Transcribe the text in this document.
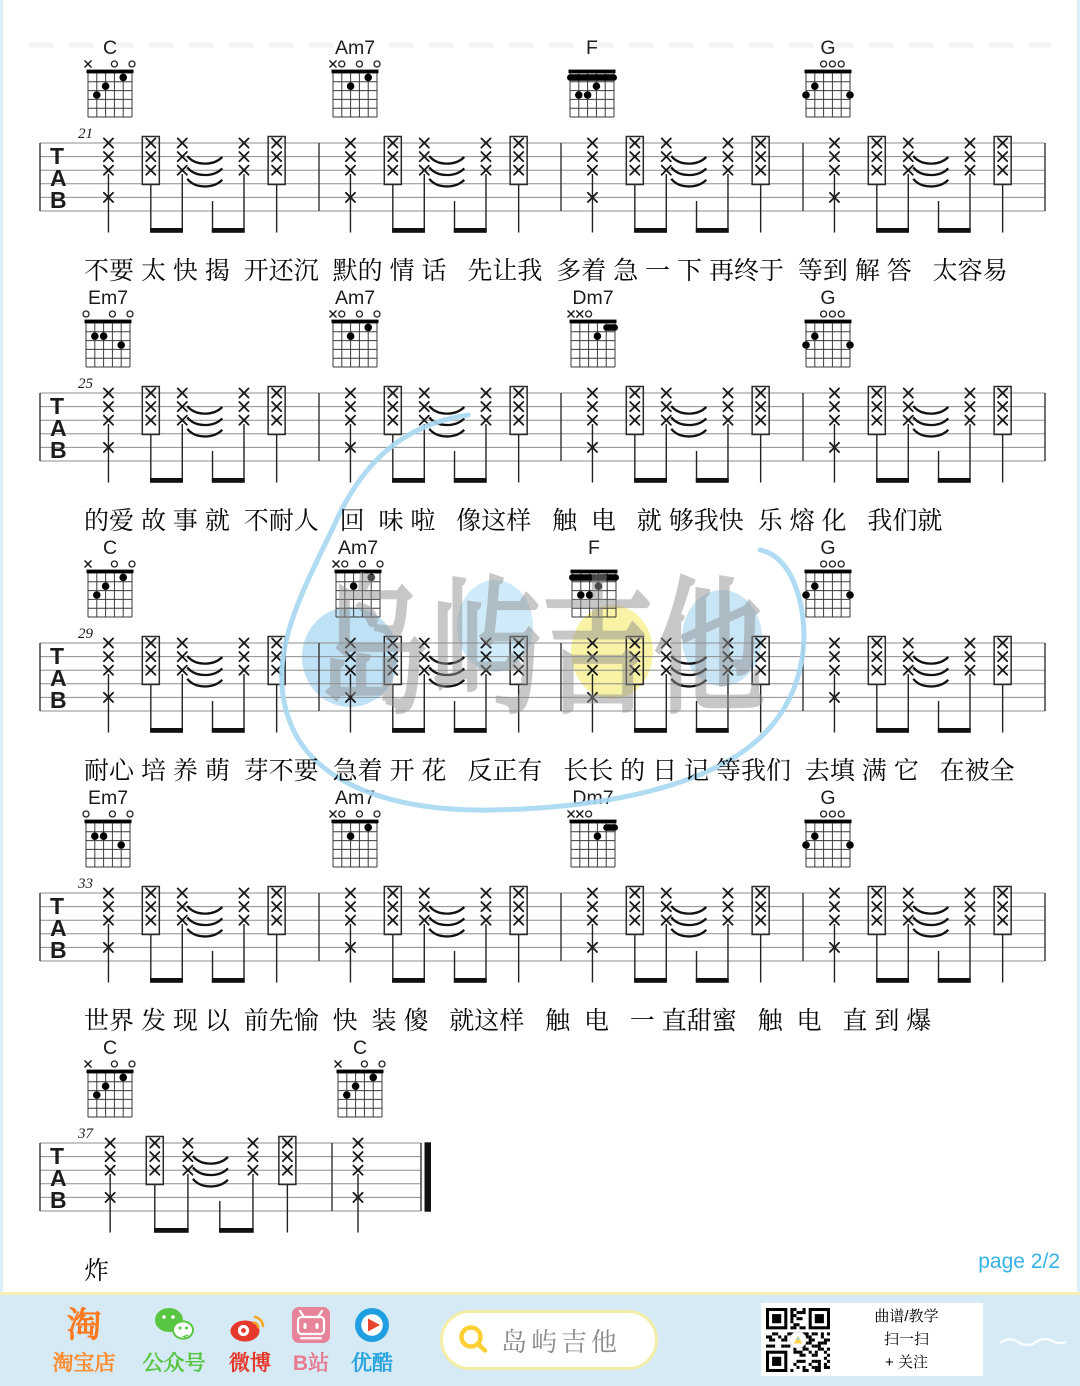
T
A
B
21
C	Am7	F	G
T
A
B
25
Em7	Am7	Dm7	G
T
A
B
29
C	Am7	F	G
T
A
B
33
Em7	Am7	Dm7	G
T
A
B
37
C	C
岛屿吉他
不要 太 快 揭  开还沉  默的 情 话   先让我  多着 急 一 下 再终于  等到 解 答   太容易
的爱 故 事 就  不耐人   回  味 啦   像这样   触  电   就 够我快  乐 熔 化   我们就
耐心 培 养 萌  芽不要  急着 开 花   反正有   长长 的 日 记 等我们  去填 满 它   在被全
世界 发 现 以  前先愉  快  装 傻   就这样   触  电   一 直甜蜜   触  电   直 到 爆
炸	page 2/2
淘
淘宝店	公众号	微博	B站	优酷
岛屿吉他
曲谱/教学
扫一扫
+ 关注
